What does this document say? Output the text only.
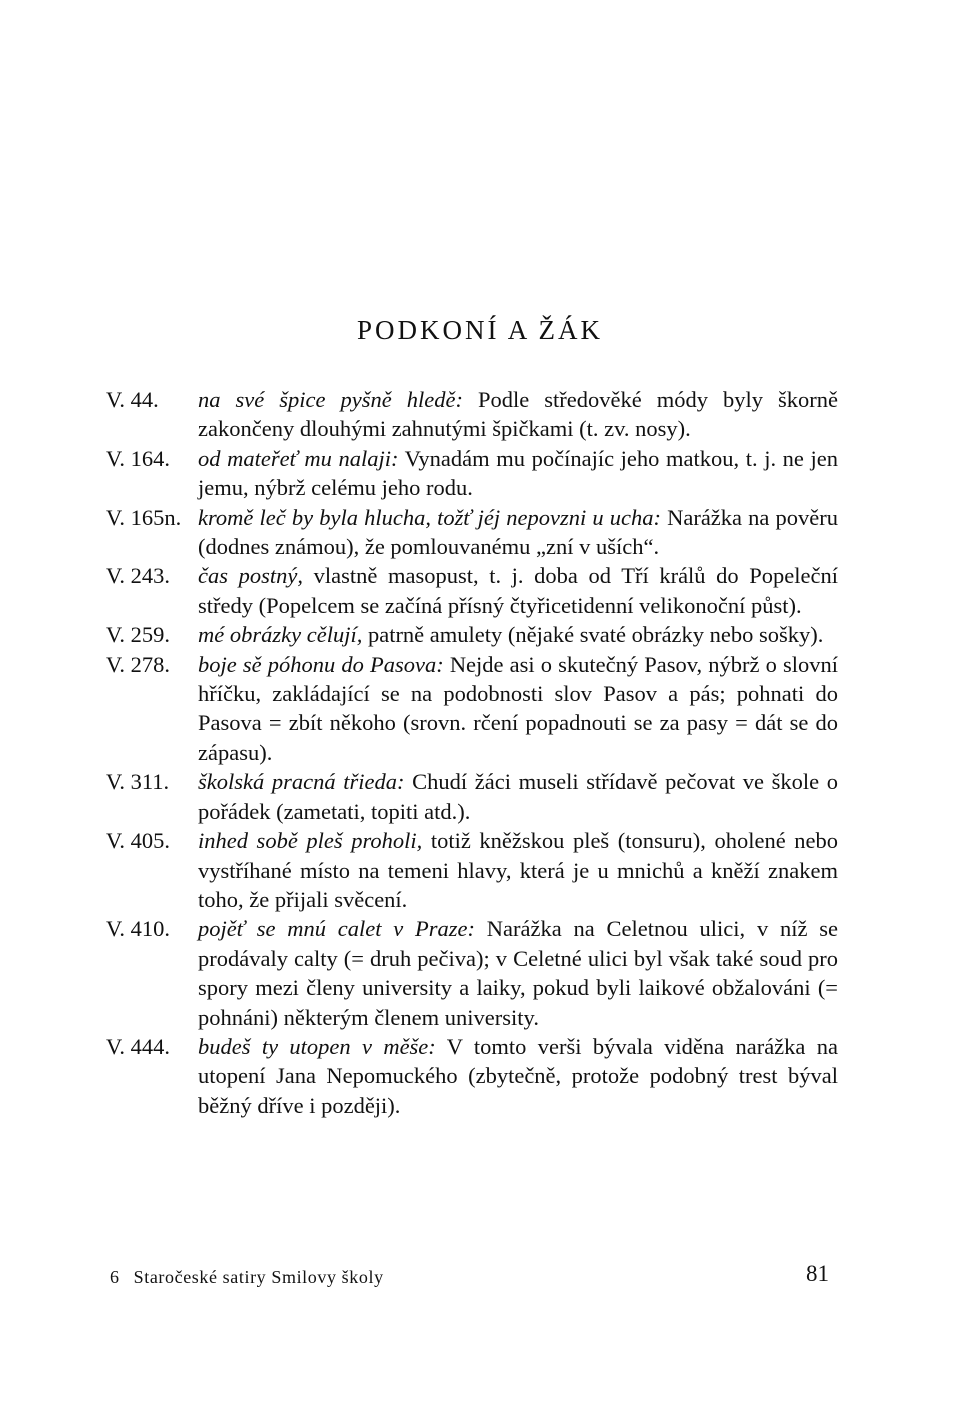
PODKONÍ A ŽÁK
V. 44. na své špice pyšně hledě: Podle středověké módy byly škorně zakončeny dlouhými zahnutými špičkami (t. zv. nosy).
V. 164. od mateřeť mu nalaji: Vynadám mu počínajíc jeho matkou, t. j. ne jen jemu, nýbrž celému jeho rodu.
V. 165n. kromě leč by byla hlucha, tožť jéj nepovzni u ucha: Narážka na pověru (dodnes známou), že pomlouvanému „zní v uších“.
V. 243. čas postný, vlastně masopust, t. j. doba od Tří králů do Popeleční středy (Popelcem se začíná přísný čtyřicetidenní velikonoční půst).
V. 259. mé obrázky cělují, patrně amulety (nějaké svaté obrázky nebo sošky).
V. 278. boje sě póhonu do Pasova: Nejde asi o skutečný Pasov, nýbrž o slovní hříčku, zakládající se na podobnosti slov Pasov a pás; pohnati do Pasova = zbít někoho (srovn. rčení popadnouti se za pasy = dát se do zápasu).
V. 311. školská pracná třieda: Chudí žáci museli střídavě pečovat ve škole o pořádek (zametati, topiti atd.).
V. 405. inhed sobě pleš proholi, totiž kněžskou pleš (tonsuru), oholené nebo vystříhané místo na temeni hlavy, která je u mnichů a kněží znakem toho, že přijali svěcení.
V. 410. pojěť se mnú calet v Praze: Narážka na Celetnou ulici, v níž se prodávaly calty (= druh pečiva); v Celetné ulici byl však také soud pro spory mezi členy university a laiky, pokud byli laikové obžalováni (= pohnáni) některým členem university.
V. 444. budeš ty utopen v měše: V tomto verši bývala viděna narážka na utopení Jana Nepomuckého (zbytečně, protože podobný trest býval běžný dříve i později).
6 Staročeské satiry Smilovy školy	81
